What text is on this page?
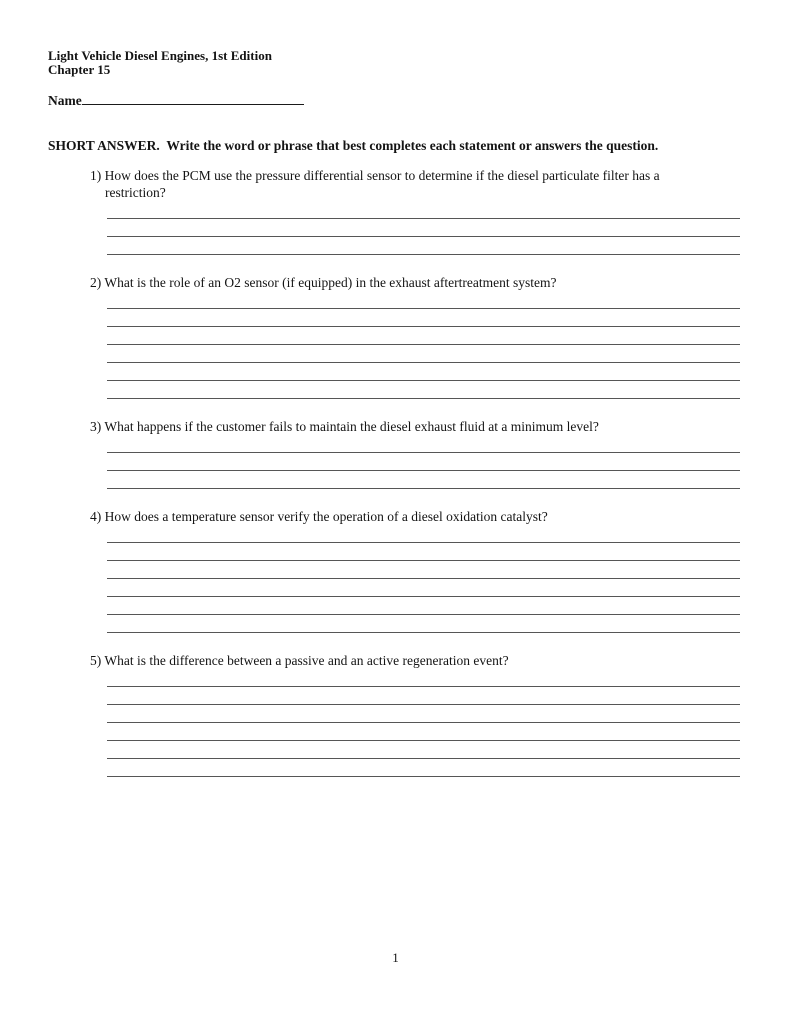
Light Vehicle Diesel Engines, 1st Edition
Chapter 15
Name
SHORT ANSWER.  Write the word or phrase that best completes each statement or answers the question.
1) How does the PCM use the pressure differential sensor to determine if the diesel particulate filter has a restriction?
2) What is the role of an O2 sensor (if equipped) in the exhaust aftertreatment system?
3) What happens if the customer fails to maintain the diesel exhaust fluid at a minimum level?
4) How does a temperature sensor verify the operation of a diesel oxidation catalyst?
5) What is the difference between a passive and an active regeneration event?
1
